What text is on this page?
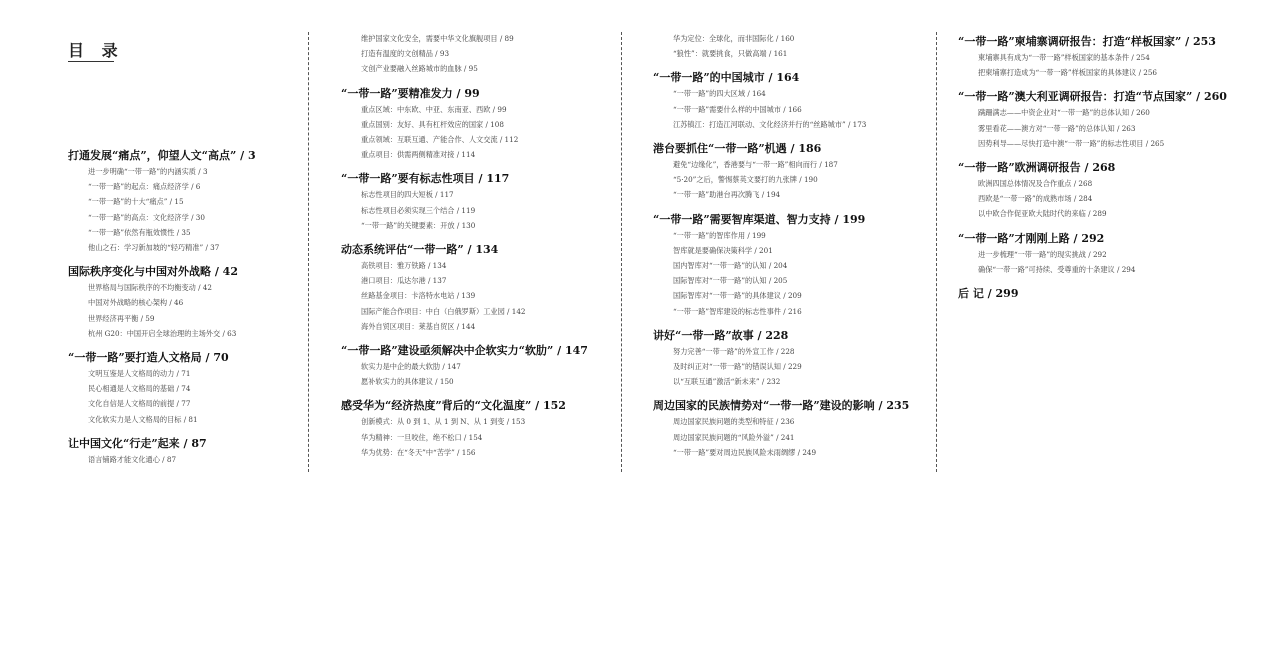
目 录
打通发展“痛点”，仰望人文“高点” / 3
进一步明确“一带一路”的内涵实质 / 3
“一带一路”的起点：痛点经济学 / 6
“一带一路”的十大“痛点” / 15
“一带一路”的高点：文化经济学 / 30
“一带一路”依然有瓶效惯性 / 35
他山之石：学习新加坡的“轻巧精准” / 37
国际秩序变化与中国对外战略 / 42
世界格局与国际秩序的不均衡变动 / 42
中国对外战略的核心架构 / 46
世界经济再平衡 / 59
杭州 G20：中国开启全球治理的主场外交 / 63
“一带一路”要打造人文格局 / 70
文明互鉴是人文格局的动力 / 71
民心相通是人文格局的基础 / 74
文化自信是人文格局的前提 / 77
文化软实力是人文格局的目标 / 81
让中国文化“行走”起来 / 87
语言铺路才能文化通心 / 87
维护国家文化安全，需要中华文化旗舰项目 / 89
打造有温度的文创精品 / 93
文创产业要融入丝路城市的血脉 / 95
“一带一路”要精准发力 / 99
重点区域：中东欧、中亚、东南亚、西欧 / 99
重点国别：友好、具有杠杆效应的国家 / 108
重点领域：互联互通、产能合作、人文交流 / 112
重点项目：供需两侧精准对接 / 114
“一带一路”要有标志性项目 / 117
标志性项目的四大短板 / 117
标志性项目必须实现三个结合 / 119
“一带一路”的关键要素：开放 / 130
动态系统评估“一带一路” / 134
高铁项目：雅万铁路 / 134
港口项目：瓜达尔港 / 137
丝路基金项目：卡洛特水电站 / 139
国际产能合作项目：中白（白俄罗斯）工业园 / 142
海外自贸区项目：莱基自贸区 / 144
“一带一路”建设亟须解决中企软实力“软肋” / 147
软实力是中企的最大软肋 / 147
愿补软实力的具体建议 / 150
感受华为“经济热度”背后的“文化温度” / 152
创新模式：从 0 到 1、从 1 到 N、从 1 到变 / 153
华为精神：一旦咬住，绝不松口 / 154
华为优势：在“冬天”中“苦学” / 156
华为定位：全球化，而非国际化 / 160
“狼性”：就要挑食，只做高端 / 161
“一带一路”的中国城市 / 164
“一带一路”的四大区域 / 164
“一带一路”需要什么样的中国城市 / 166
江苏镇江：打造江河联动、文化经济并行的“丝路城市” / 173
港台要抓住“一带一路”机遇 / 186
避免“边缘化”，香港要与“一带一路”相向而行 / 187
“5·20”之后，警惕蔡英文要打的九张牌 / 190
“一带一路”助港台再次腾飞 / 194
“一带一路”需要智库渠道、智力支持 / 199
“一带一路”的智库作用 / 199
智库就是要确保决策科学 / 201
国内智库对“一带一路”的认知 / 204
国际智库对“一带一路”的认知 / 205
国际智库对“一带一路”的具体建议 / 209
“一带一路”智库建设的标志性事件 / 216
讲好“一带一路”故事 / 228
努力完善“一带一路”的外宣工作 / 228
及时纠正对“一带一路”的错误认知 / 229
以“互联互通”激活“新未来” / 232
周边国家的民族情势对“一带一路”建设的影响 / 235
周边国家民族问题的类型和特征 / 236
周边国家民族问题的“风险外溢” / 241
“一带一路”要对周边民族风险未雨绸缪 / 249
“一带一路”柬埔寨调研报告：打造“样板国家” / 253
柬埔寨具有成为“一带一路”样板国家的基本条件 / 254
把柬埔寨打造成为“一带一路”样板国家的具体建议 / 256
“一带一路”澳大利亚调研报告：打造“节点国家” / 260
蹒跚满志——中资企业对“一带一路”的总体认知 / 260
雾里看花——澳方对“一带一路”的总体认知 / 263
因势利导——尽快打造中澳“一带一路”的标志性项目 / 265
“一带一路”欧洲调研报告 / 268
欧洲四国总体情况及合作重点 / 268
西欧是“一带一路”的成熟市场 / 284
以中欧合作促亚欧大陆时代的来临 / 289
“一带一路”才刚刚上路 / 292
进一步梳理“一带一路”的现实挑战 / 292
确保“一带一路”可持续、受尊重的十条建议 / 294
后 记 / 299
